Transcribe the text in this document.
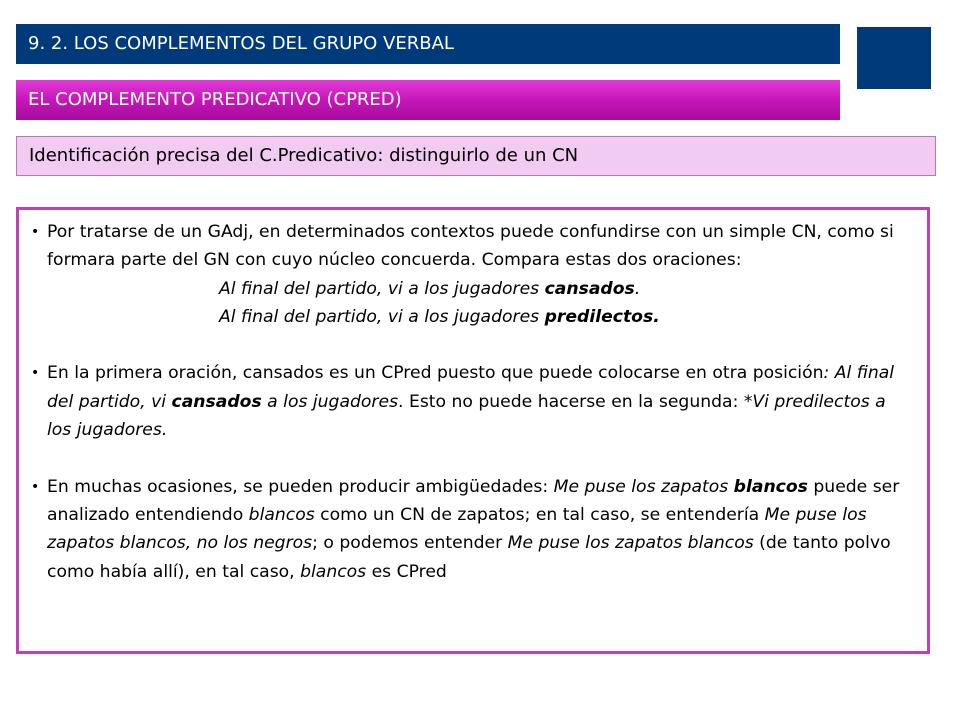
9. 2. LOS COMPLEMENTOS DEL GRUPO VERBAL
EL COMPLEMENTO PREDICATIVO (CPRED)
Identificación precisa del C.Predicativo: distinguirlo de un CN
• Por tratarse de un GAdj, en determinados contextos puede confundirse con un simple CN, como si formara parte del GN con cuyo núcleo concuerda. Compara estas dos oraciones:
Al final del partido, vi a los jugadores cansados.
Al final del partido, vi a los jugadores predilectos.
• En la primera oración, cansados es un CPred puesto que puede colocarse en otra posición: Al final del partido, vi cansados a los jugadores. Esto no puede hacerse en la segunda: *Vi predilectos a los jugadores.
• En muchas ocasiones, se pueden producir ambigüedades: Me puse los zapatos blancos puede ser analizado entendiendo blancos como un CN de zapatos; en tal caso, se entendería Me puse los zapatos blancos, no los negros; o podemos entender Me puse los zapatos blancos (de tanto polvo como había allí), en tal caso, blancos es CPred
